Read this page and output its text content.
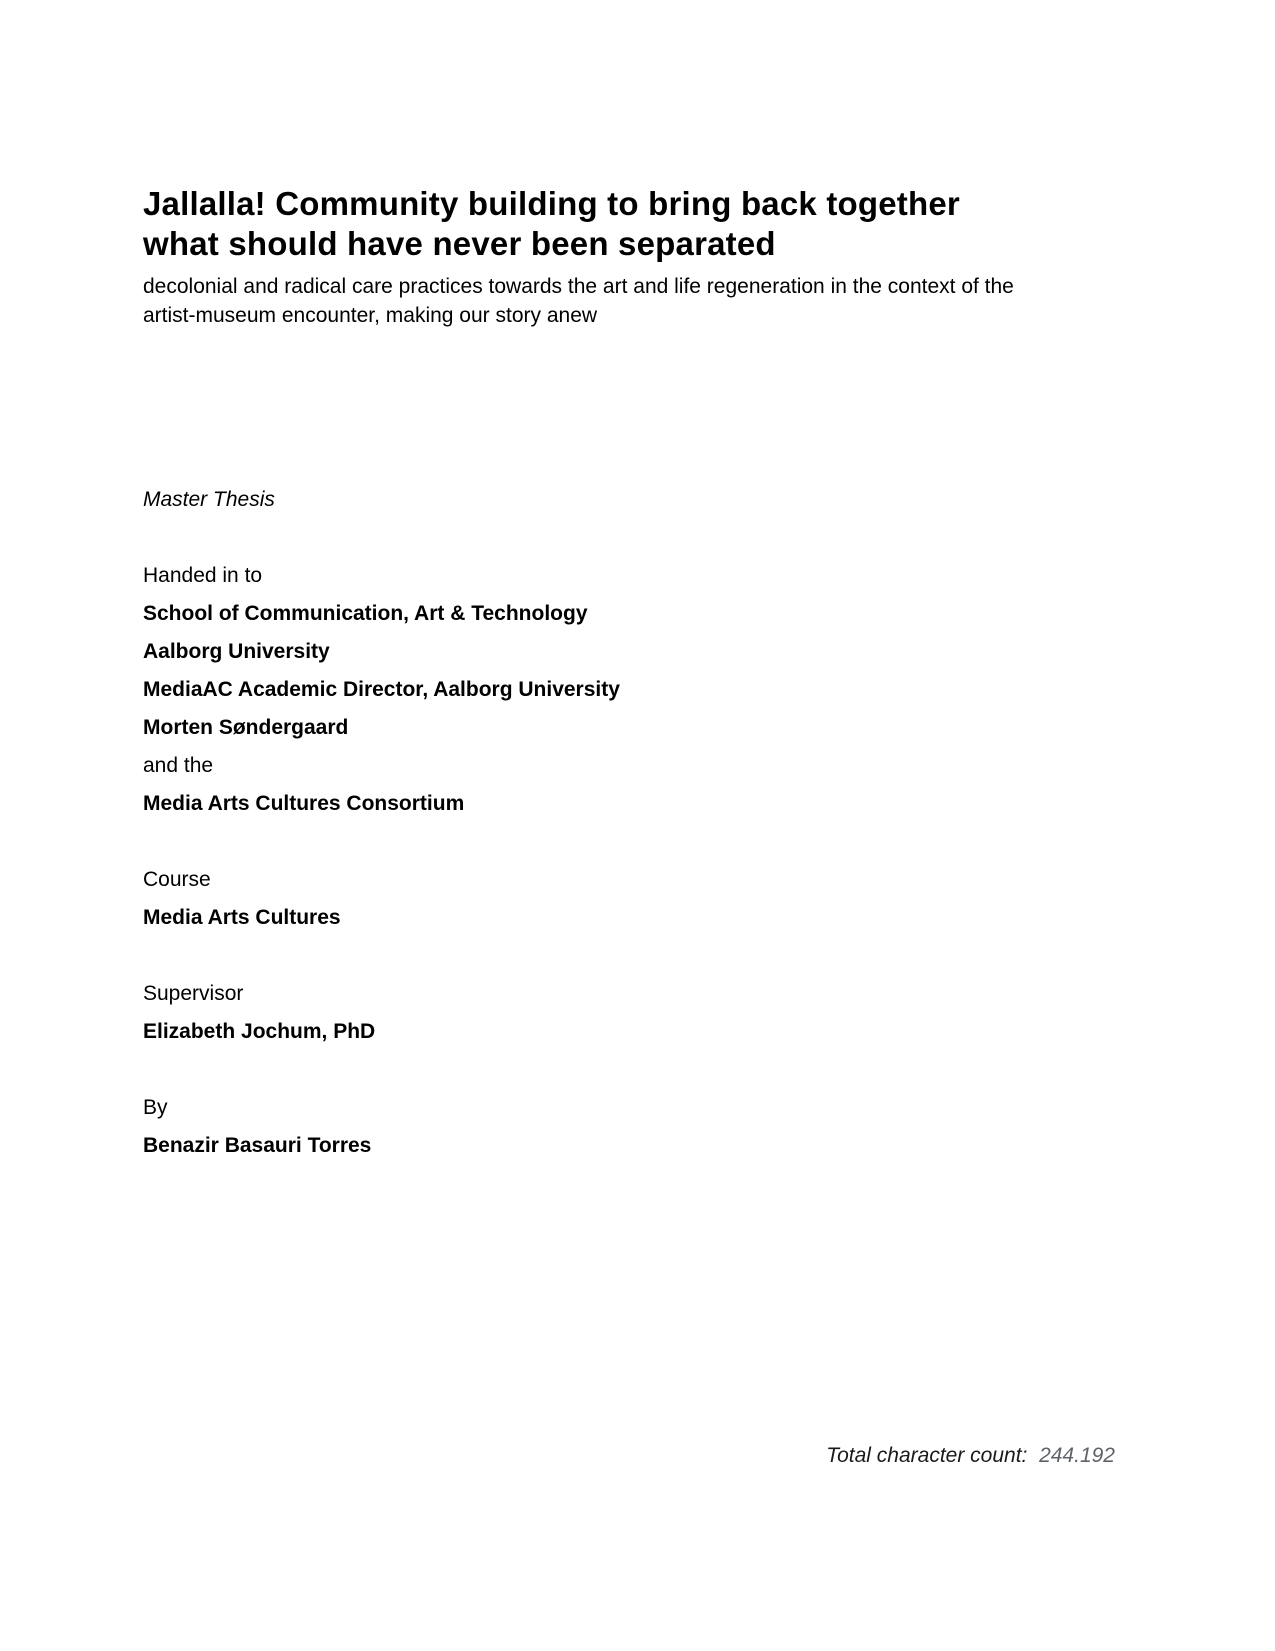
Jallalla! Community building to bring back together
what should have never been separated
decolonial and radical care practices towards the art and life regeneration in the context of the artist-museum encounter, making our story anew
Master Thesis
Handed in to
School of Communication, Art & Technology
Aalborg University
MediaAC Academic Director, Aalborg University
Morten Søndergaard
and the
Media Arts Cultures Consortium
Course
Media Arts Cultures
Supervisor
Elizabeth Jochum, PhD
By
Benazir Basauri Torres
Total character count: 244.192
